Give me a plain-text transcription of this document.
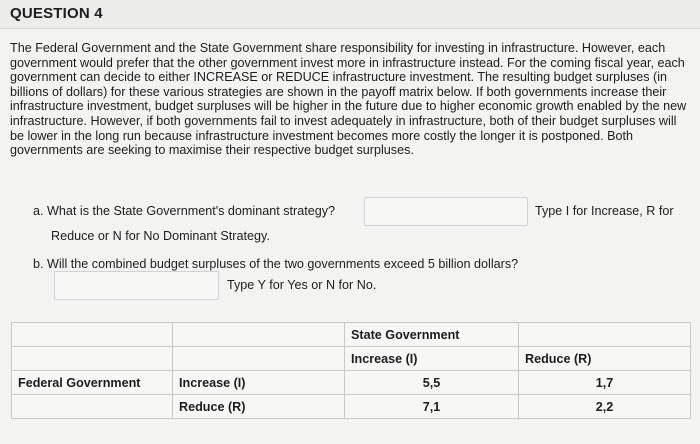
QUESTION 4
The Federal Government and the State Government share responsibility for investing in infrastructure. However, each government would prefer that the other government invest more in infrastructure instead. For the coming fiscal year, each government can decide to either INCREASE or REDUCE infrastructure investment. The resulting budget surpluses (in billions of dollars) for these various strategies are shown in the payoff matrix below. If both governments increase their infrastructure investment, budget surpluses will be higher in the future due to higher economic growth enabled by the new infrastructure. However, if both governments fail to invest adequately in infrastructure, both of their budget surpluses will be lower in the long run because infrastructure investment becomes more costly the longer it is postponed. Both governments are seeking to maximise their respective budget surpluses.
a. What is the State Government's dominant strategy?	Type I for Increase, R for
Reduce or N for No Dominant Strategy.
b. Will the combined budget surpluses of the two governments exceed 5 billion dollars?
Type Y for Yes or N for No.
		State Government	
		Increase (I)	Reduce (R)
Federal Government	Increase (I)	5,5	1,7
	Reduce (R)	7,1	2,2
